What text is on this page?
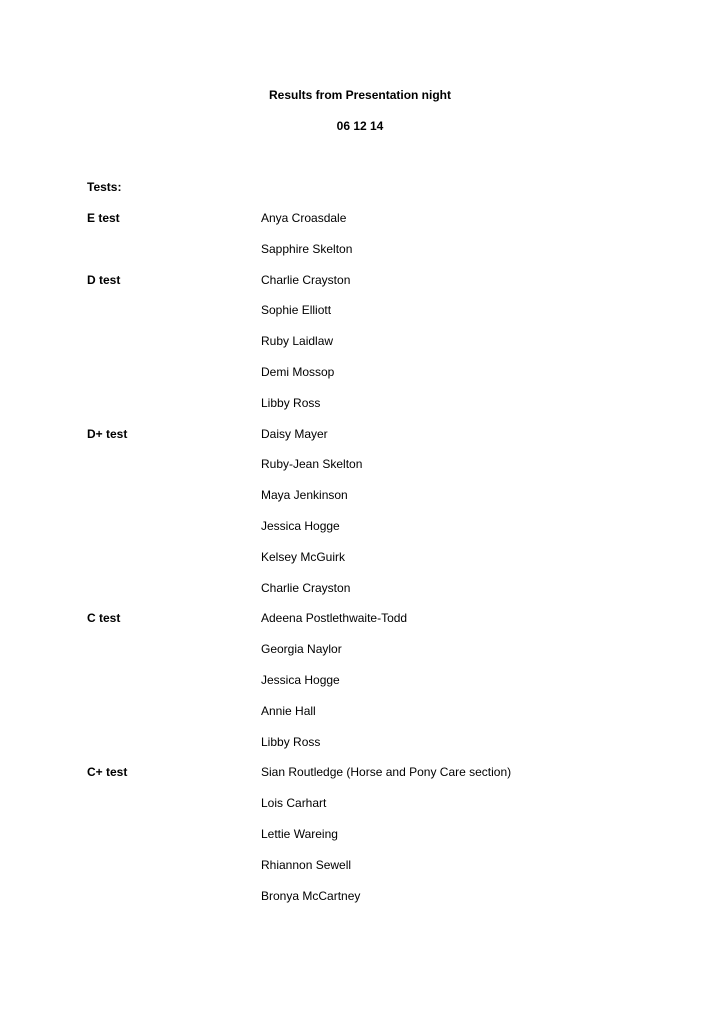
Results from Presentation night
06 12 14
Tests:
E test	Anya Croasdale
Sapphire Skelton
D test	Charlie Crayston
Sophie Elliott
Ruby Laidlaw
Demi Mossop
Libby Ross
D+ test	Daisy Mayer
Ruby-Jean Skelton
Maya Jenkinson
Jessica Hogge
Kelsey McGuirk
Charlie Crayston
C test	Adeena Postlethwaite-Todd
Georgia Naylor
Jessica Hogge
Annie Hall
Libby Ross
C+ test	Sian Routledge (Horse and Pony Care section)
Lois Carhart
Lettie Wareing
Rhiannon Sewell
Bronya McCartney
